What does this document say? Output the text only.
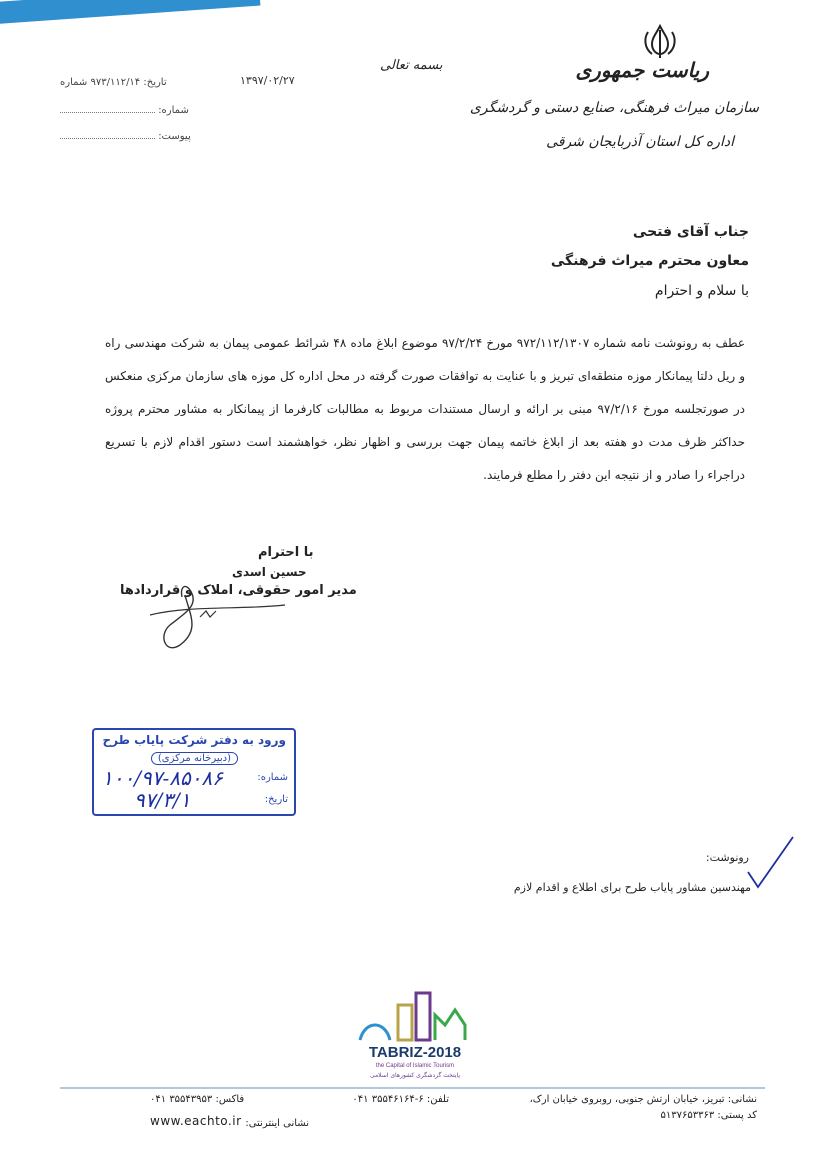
ریاست جمهوری
سازمان میراث فرهنگی، صنایع دستی و گردشگری
اداره کل استان آذربایجان شرقی
بسمه تعالی
۱۳۹۷/۰۲/۲۷
تاریخ: ۹۷۳/۱۱۲/۱۴ شماره
شماره:
پیوست:
جناب آقای فتحی
معاون محترم میراث فرهنگی
با سلام و احترام
عطف به رونوشت نامه شماره ۹۷۲/۱۱۲/۱۳۰۷ مورخ ۹۷/۲/۲۴ موضوع ابلاغ ماده ۴۸ شرائط عمومی پیمان به شرکت مهندسی راه و ریل دلتا پیمانکار موزه منطقه‌ای تبریز و با عنایت به توافقات صورت گرفته در محل اداره کل موزه های سازمان مرکزی منعکس در صورتجلسه مورخ ۹۷/۲/۱۶ مبنی بر ارائه و ارسال مستندات مربوط به مطالبات کارفرما از پیمانکار به مشاور محترم پروژه حداکثر ظرف مدت دو هفته بعد از ابلاغ خاتمه پیمان جهت بررسی و اظهار نظر، خواهشمند است دستور اقدام لازم با تسریع دراجراء را صادر و از نتیجه این دفتر را مطلع فرمایند.
با احترام
حسین اسدی
مدیر امور حقوقی، املاک و قراردادها
ورود به دفتر شرکت پایاب طرح
(دبیرخانه مرکزی)
شماره:
۱۰۰/۹۷-۸۵۰۸۶
تاریخ:
۹۷/۳/۱
رونوشت:
مهندسین مشاور پایاب طرح برای اطلاع و اقدام لازم
TABRIZ-2018
the Capital of Islamic Tourism
پایتخت گردشگری کشورهای اسلامی
نشانی: تبریز، خیابان ارتش جنوبی، روبروی خیابان ارک،
تلفن: ۶-۳۵۵۴۶۱۶۴ ۰۴۱
فاکس: ۳۵۵۴۳۹۵۳ ۰۴۱
کد پستی: ۵۱۳۷۶۵۳۳۶۳
نشانی اینترنتی:
www.eachto.ir
